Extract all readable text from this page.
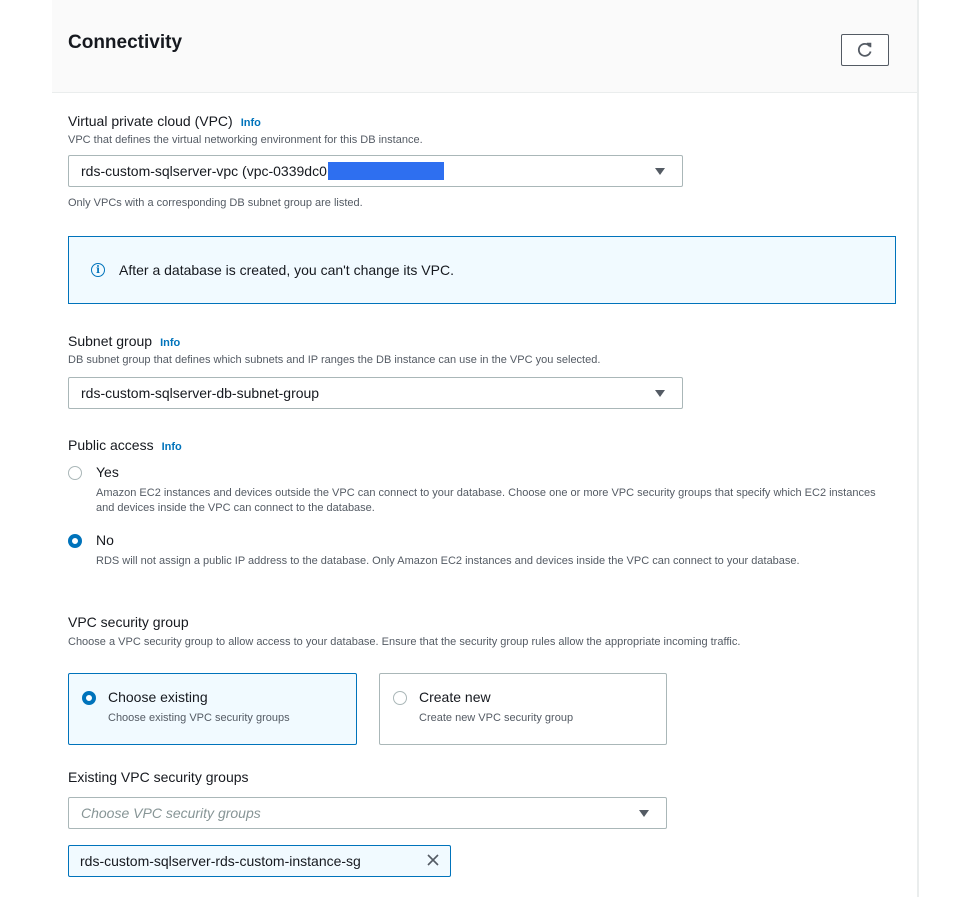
Connectivity
Virtual private cloud (VPC) Info
VPC that defines the virtual networking environment for this DB instance.
rds-custom-sqlserver-vpc (vpc-0339dc0
Only VPCs with a corresponding DB subnet group are listed.
i	After a database is created, you can't change its VPC.
Subnet group Info
DB subnet group that defines which subnets and IP ranges the DB instance can use in the VPC you selected.
rds-custom-sqlserver-db-subnet-group
Public access Info
Yes
Amazon EC2 instances and devices outside the VPC can connect to your database. Choose one or more VPC security groups that specify which EC2 instances and devices inside the VPC can connect to the database.
No
RDS will not assign a public IP address to the database. Only Amazon EC2 instances and devices inside the VPC can connect to your database.
VPC security group
Choose a VPC security group to allow access to your database. Ensure that the security group rules allow the appropriate incoming traffic.
Choose existing
Choose existing VPC security groups
Create new
Create new VPC security group
Existing VPC security groups
Choose VPC security groups
rds-custom-sqlserver-rds-custom-instance-sg
